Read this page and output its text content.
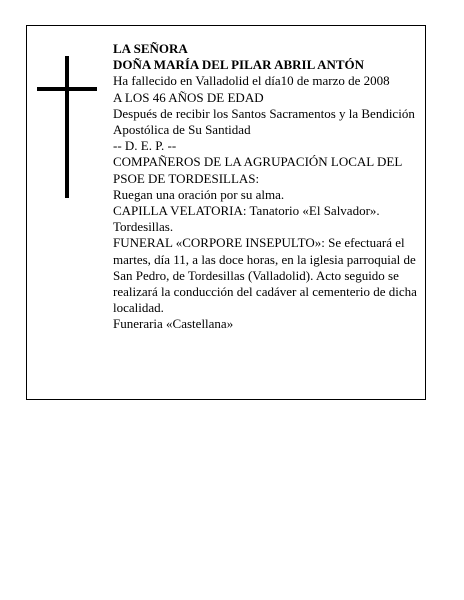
LA SEÑORA

DOÑA MARÍA DEL PILAR ABRIL ANTÓN

Ha fallecido en Valladolid el día10 de marzo de 2008

A LOS 46 AÑOS DE EDAD

Después de recibir los Santos Sacramentos y la Bendición Apostólica de Su Santidad

-- D. E. P. --

COMPAÑEROS DE LA AGRUPACIÓN LOCAL DEL PSOE DE TORDESILLAS:

Ruegan una oración por su alma.

CAPILLA VELATORIA: Tanatorio «El Salvador». Tordesillas.

FUNERAL «CORPORE INSEPULTO»: Se efectuará el martes, día 11, a las doce horas, en la iglesia parroquial de San Pedro, de Tordesillas (Valladolid). Acto seguido se realizará la conducción del cadáver al cementerio de dicha localidad.

Funeraria «Castellana»
